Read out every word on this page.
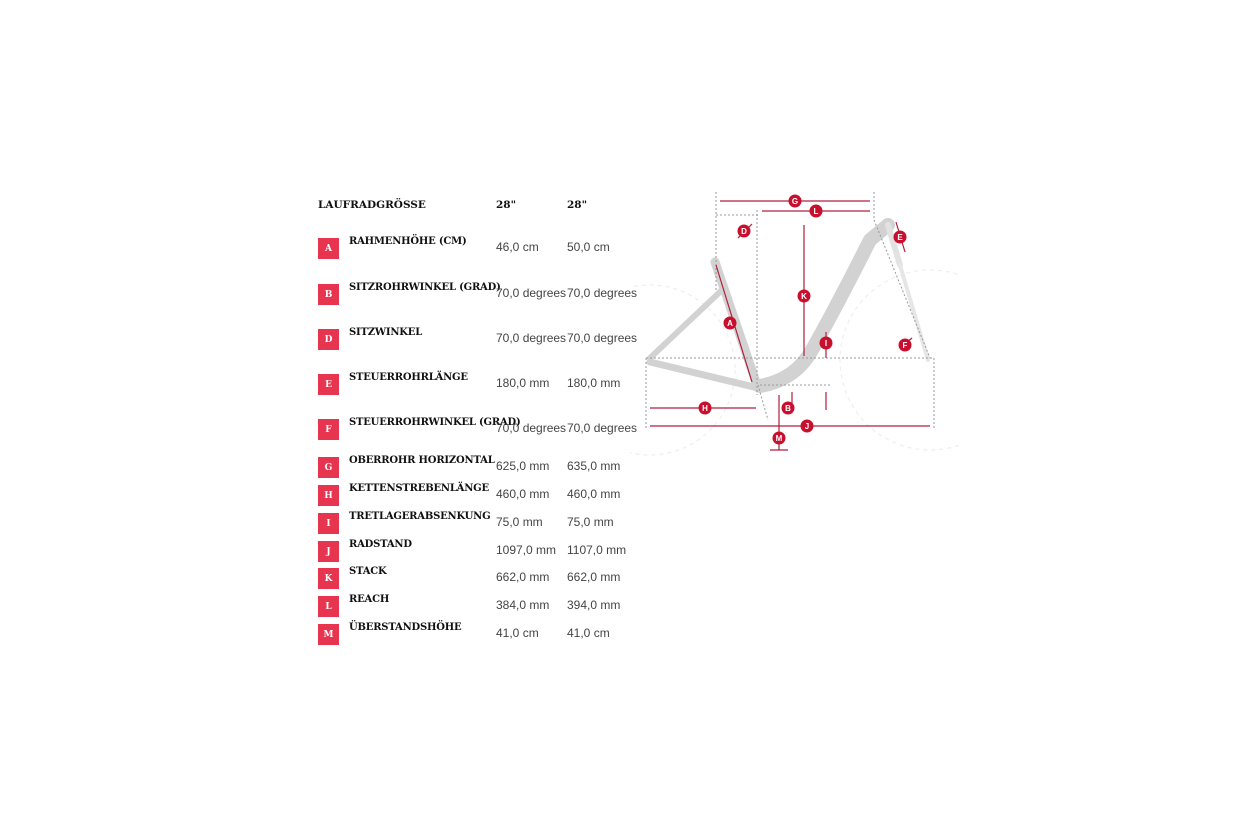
LAUFRADGRÖSSE	28"	28"
A
RAHMENHÖHE (CM) 46,0 cm 50,0 cm
B
SITZROHRWINKEL (GRAD)
70,0 degrees 70,0 degrees
D
SITZWINKEL	70,0 degrees 70,0 degrees
E
STEUERROHRLÄNGE 180,0 mm 180,0 mm
F
STEUERROHRWINKEL (GRAD)
70,0 degrees 70,0 degrees
G
OBERROHR HORIZONTAL 625,0 mm 635,0 mm
H
KETTENSTREBENLÄNGE 460,0 mm 460,0 mm
I
TRETLAGERABSENKUNG 75,0 mm 75,0 mm
J
RADSTAND	1097,0 mm 1107,0 mm
K
STACK	662,0 mm 662,0 mm
L
REACH	384,0 mm 394,0 mm
M
ÜBERSTANDSHÖHE	41,0 cm 41,0 cm
G
L
D
E
K
A
I	F
H	B
J
M
